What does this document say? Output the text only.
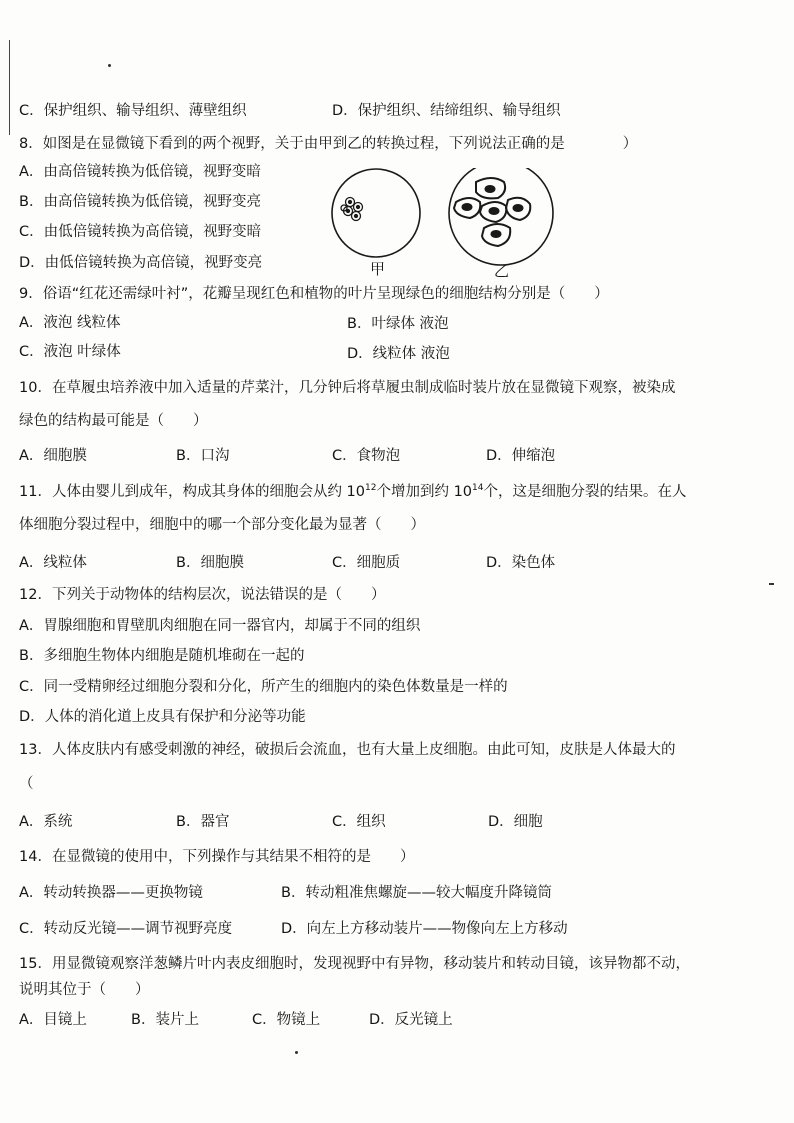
C．保护组织、输导组织、薄壁组织	D．保护组织、结缔组织、输导组织
8．如图是在显微镜下看到的两个视野，关于由甲到乙的转换过程，下列说法正确的是　　　　）
A．由高倍镜转换为低倍镜，视野变暗
B．由高倍镜转换为低倍镜，视野变亮
C．由低倍镜转换为高倍镜，视野变暗
D．由低倍镜转换为高倍镜，视野变亮	甲	乙
9．俗语“红花还需绿叶衬”，花瓣呈现红色和植物的叶片呈现绿色的细胞结构分别是（　　）
A．液泡 线粒体	B．叶绿体 液泡
C．液泡 叶绿体	D．线粒体 液泡
10．在草履虫培养液中加入适量的芹菜汁，几分钟后将草履虫制成临时装片放在显微镜下观察，被染成
绿色的结构最可能是（　　）
A．细胞膜	B．口沟	C．食物泡	D．伸缩泡
11．人体由婴儿到成年，构成其身体的细胞会从约 $10^{12}$个增加到约 $10^{14}$个，这是细胞分裂的结果。在人
体细胞分裂过程中，细胞中的哪一个部分变化最为显著（　　）
A．线粒体	B．细胞膜	C．细胞质	D．染色体
12．下列关于动物体的结构层次，说法错误的是（　　）
A．胃腺细胞和胃壁肌肉细胞在同一器官内，却属于不同的组织
B．多细胞生物体内细胞是随机堆砌在一起的
C．同一受精卵经过细胞分裂和分化，所产生的细胞内的染色体数量是一样的
D．人体的消化道上皮具有保护和分泌等功能
13．人体皮肤内有感受刺激的神经，破损后会流血，也有大量上皮细胞。由此可知，皮肤是人体最大的
（
A．系统	B．器官	C．组织	D．细胞
14．在显微镜的使用中，下列操作与其结果不相符的是　　）
A．转动转换器——更换物镜	B．转动粗准焦螺旋——较大幅度升降镜筒
C．转动反光镜——调节视野亮度	D．向左上方移动装片——物像向左上方移动
15．用显微镜观察洋葱鳞片叶内表皮细胞时，发现视野中有异物，移动装片和转动目镜，该异物都不动，
说明其位于（　　）
A．目镜上	B．装片上	C．物镜上	D．反光镜上
